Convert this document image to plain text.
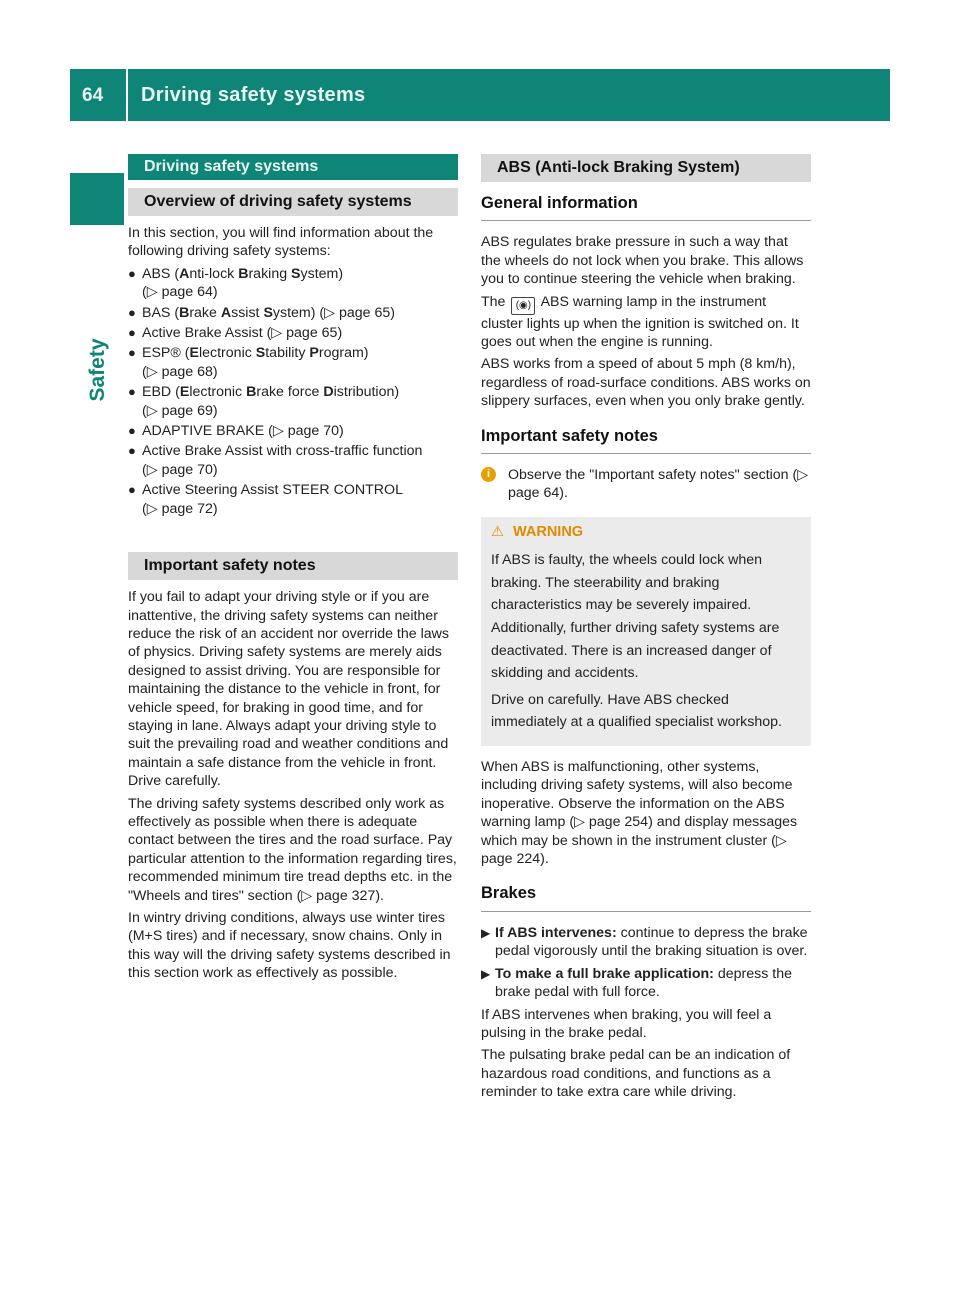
64 Driving safety systems
Safety
Driving safety systems
Overview of driving safety systems

In this section, you will find information about the following driving safety systems:

● ABS (Anti-lock Braking System)
(▷ page 64)
● BAS (Brake Assist System) (▷ page 65)
● Active Brake Assist (▷ page 65)
● ESP® (Electronic Stability Program)
(▷ page 68)
● EBD (Electronic Brake force Distribution)
(▷ page 69)
● ADAPTIVE BRAKE (▷ page 70)
● Active Brake Assist with cross-traffic function
(▷ page 70)
● Active Steering Assist STEER CONTROL
(▷ page 72)
Important safety notes

If you fail to adapt your driving style or if you are inattentive, the driving safety systems can neither reduce the risk of an accident nor override the laws of physics. Driving safety systems are merely aids designed to assist driving. You are responsible for maintaining the distance to the vehicle in front, for vehicle speed, for braking in good time, and for staying in lane. Always adapt your driving style to suit the prevailing road and weather conditions and maintain a safe distance from the vehicle in front. Drive carefully.

The driving safety systems described only work as effectively as possible when there is adequate contact between the tires and the road surface. Pay particular attention to the information regarding tires, recommended minimum tire tread depths etc. in the "Wheels and tires" section (▷ page 327).

In wintry driving conditions, always use winter tires (M+S tires) and if necessary, snow chains. Only in this way will the driving safety systems described in this section work as effectively as possible.

ABS (Anti-lock Braking System)
General information

ABS regulates brake pressure in such a way that the wheels do not lock when you brake. This allows you to continue steering the vehicle when braking.

The (◉) ABS warning lamp in the instrument cluster lights up when the ignition is switched on. It goes out when the engine is running.

ABS works from a speed of about 5 mph (8 km/h), regardless of road-surface conditions. ABS works on slippery surfaces, even when you only brake gently.

Important safety notes
i	Observe the "Important safety notes" section (▷ page 64).
⚠ WARNING

If ABS is faulty, the wheels could lock when braking. The steerability and braking characteristics may be severely impaired. Additionally, further driving safety systems are deactivated. There is an increased danger of skidding and accidents.

Drive on carefully. Have ABS checked immediately at a qualified specialist workshop.

When ABS is malfunctioning, other systems, including driving safety systems, will also become inoperative. Observe the information on the ABS warning lamp (▷ page 254) and display messages which may be shown in the instrument cluster (▷ page 224).

Brakes
▶ If ABS intervenes: continue to depress the brake pedal vigorously until the braking situation is over.
▶ To make a full brake application: depress the brake pedal with full force.

If ABS intervenes when braking, you will feel a pulsing in the brake pedal.

The pulsating brake pedal can be an indication of hazardous road conditions, and functions as a reminder to take extra care while driving.
